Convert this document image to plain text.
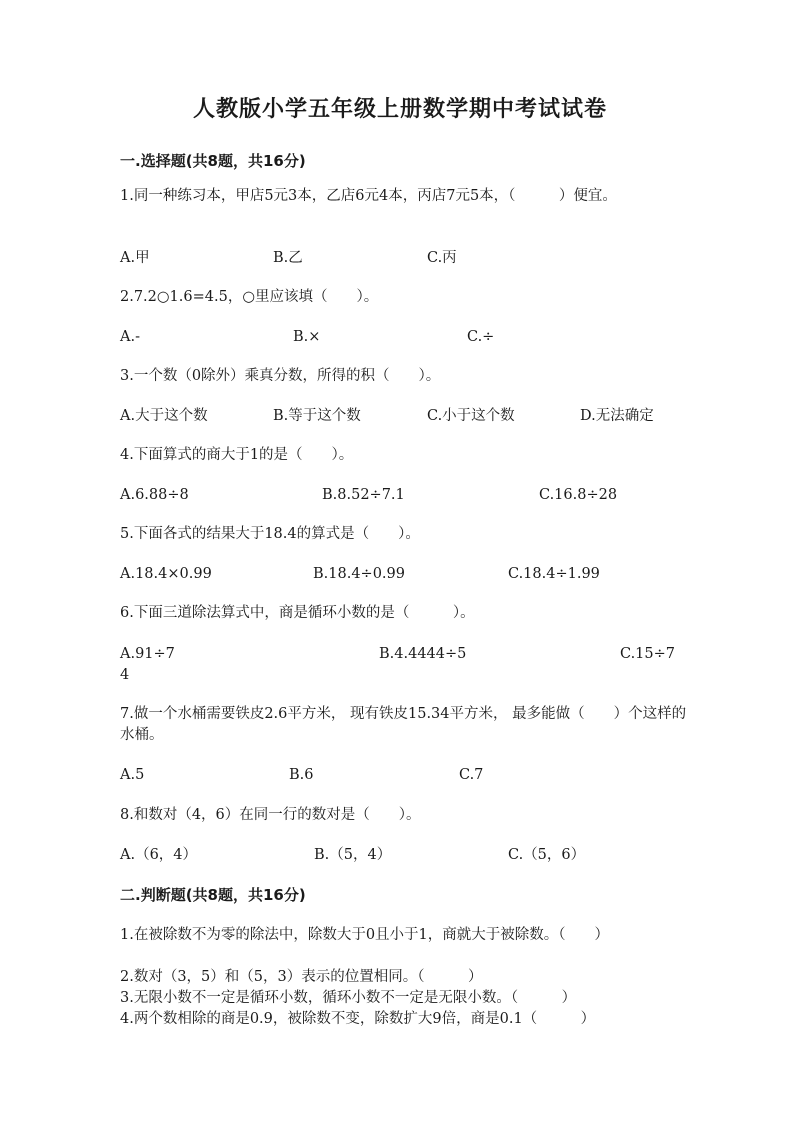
人教版小学五年级上册数学期中考试试卷
一.选择题(共8题，共16分)
1.同一种练习本，甲店5元3本，乙店6元4本，丙店7元5本，（　　　）便宜。
A.甲	B.乙	C.丙
2.7.2○1.6=4.5，○里应该填（　　）。
A.-	B.×	C.÷
3.一个数（0除外）乘真分数，所得的积（　　）。
A.大于这个数	B.等于这个数	C.小于这个数	D.无法确定
4.下面算式的商大于1的是（　　）。
A.6.88÷8	B.8.52÷7.1	C.16.8÷28
5.下面各式的结果大于18.4的算式是（　　）。
A.18.4×0.99	B.18.4÷0.99	C.18.4÷1.99
6.下面三道除法算式中，商是循环小数的是（　　　）。
A.91÷7	B.4.4444÷5	C.15÷7
4
7.做一个水桶需要铁皮2.6平方米， 现有铁皮15.34平方米， 最多能做（　　）个这样的水桶。
A.5	B.6	C.7
8.和数对（4，6）在同一行的数对是（　　）。
A.（6，4）	B.（5，4）	C.（5，6）
二.判断题(共8题，共16分)
1.在被除数不为零的除法中，除数大于0且小于1，商就大于被除数。（　　）
2.数对（3，5）和（5，3）表示的位置相同。（　　　）
3.无限小数不一定是循环小数，循环小数不一定是无限小数。（　　　）
4.两个数相除的商是0.9，被除数不变，除数扩大9倍，商是0.1（　　　）
